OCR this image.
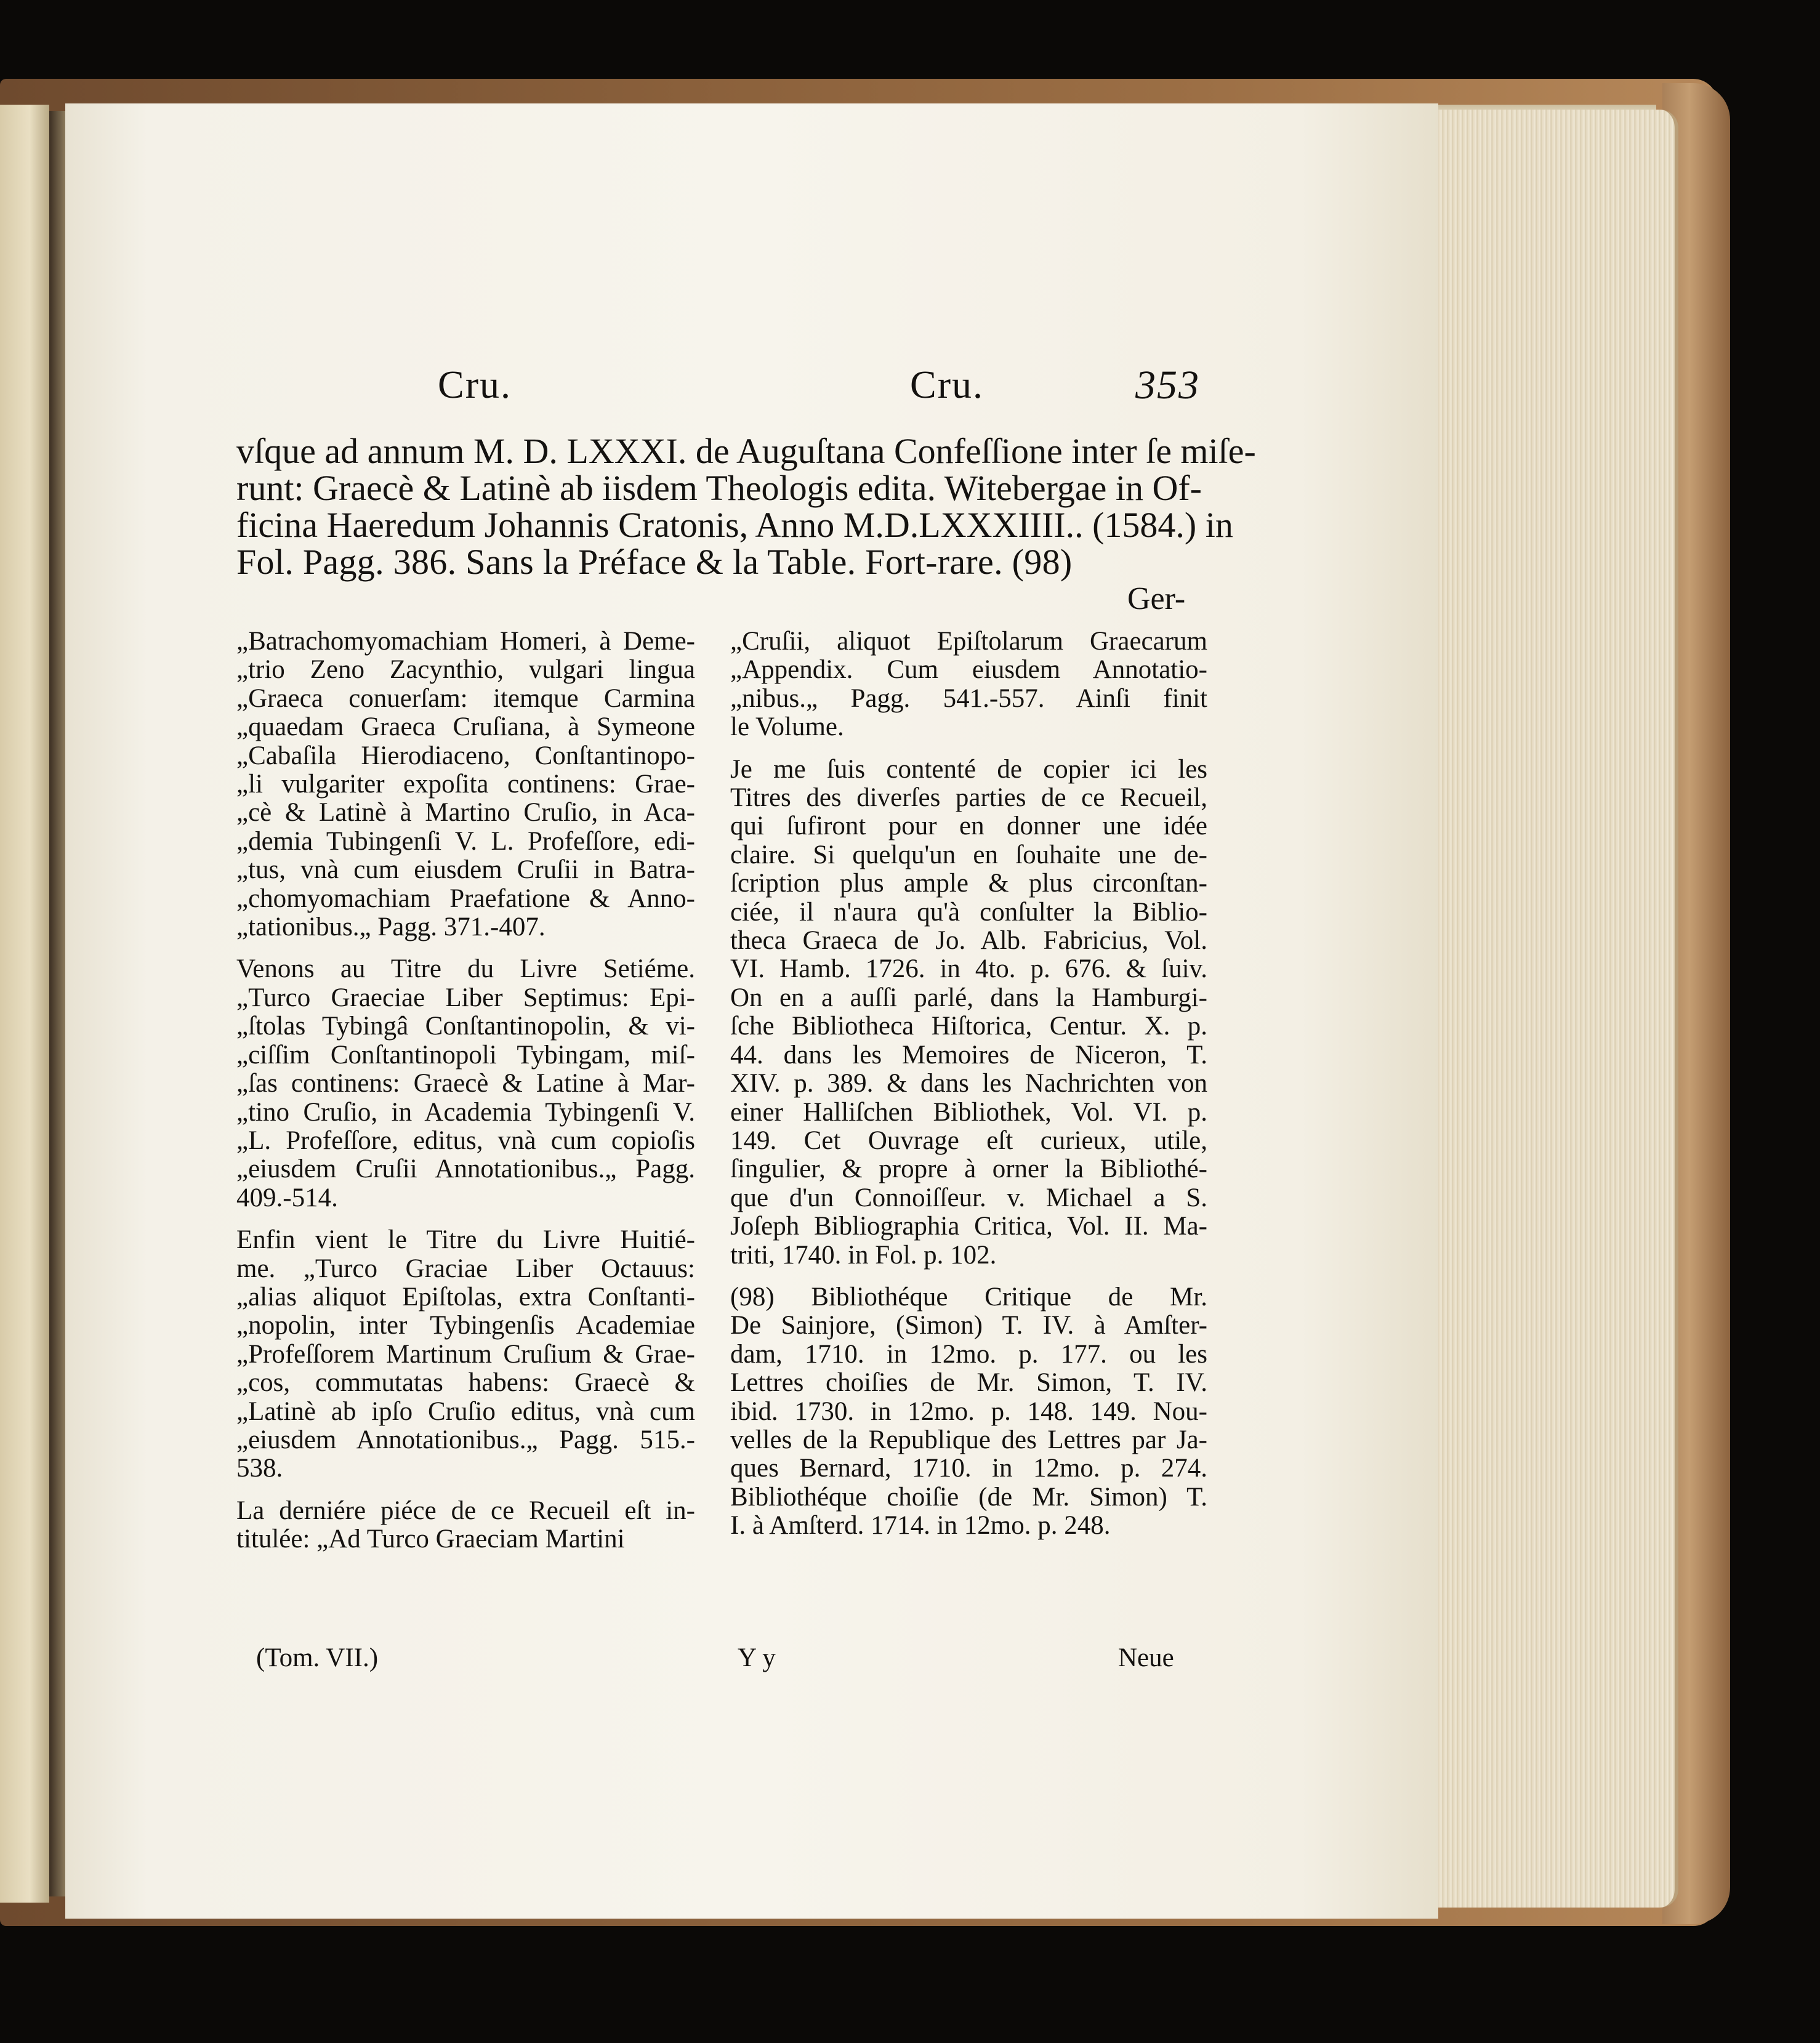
Cru.	Cru.	353
vſque ad annum M. D. LXXXI. de Auguſtana Confeſſione inter ſe miſe-
runt: Graecè & Latinè ab iisdem Theologis edita. Witebergae in Of-
ficina Haeredum Johannis Cratonis, Anno M.D.LXXXIIII.. (1584.) in
Fol. Pagg. 386. Sans la Préface & la Table. Fort-rare. (98)
Ger-
„Batrachomyomachiam Homeri, à Deme-
„trio Zeno Zacynthio, vulgari lingua
„Graeca conuerſam: itemque Carmina
„quaedam Graeca Cruſiana, à Symeone
„Cabaſila Hierodiaceno, Conſtantinopo-
„li vulgariter expoſita continens: Grae-
„cè & Latinè à Martino Cruſio, in Aca-
„demia Tubingenſi V. L. Profeſſore, edi-
„tus, vnà cum eiusdem Cruſii in Batra-
„chomyomachiam Praefatione & Anno-
„tationibus.„ Pagg. 371.-407.
Venons au Titre du Livre Setiéme.
„Turco Graeciae Liber Septimus: Epi-
„ſtolas Tybingâ Conſtantinopolin, & vi-
„ciſſim Conſtantinopoli Tybingam, miſ-
„ſas continens: Graecè & Latine à Mar-
„tino Cruſio, in Academia Tybingenſi V.
„L. Profeſſore, editus, vnà cum copioſis
„eiusdem Cruſii Annotationibus.„ Pagg.
409.-514.
Enfin vient le Titre du Livre Huitié-
me. „Turco Graciae Liber Octauus:
„alias aliquot Epiſtolas, extra Conſtanti-
„nopolin, inter Tybingenſis Academiae
„Profeſſorem Martinum Cruſium & Grae-
„cos, commutatas habens: Graecè &
„Latinè ab ipſo Cruſio editus, vnà cum
„eiusdem Annotationibus.„ Pagg. 515.-
538.
La derniére piéce de ce Recueil eſt in-
titulée: „Ad Turco Graeciam Martini
„Cruſii, aliquot Epiſtolarum Graecarum
„Appendix. Cum eiusdem Annotatio-
„nibus.„ Pagg. 541.-557. Ainſi finit
le Volume.
Je me ſuis contenté de copier ici les
Titres des diverſes parties de ce Recueil,
qui ſufiront pour en donner une idée
claire. Si quelqu'un en ſouhaite une de-
ſcription plus ample & plus circonſtan-
ciée, il n'aura qu'à conſulter la Biblio-
theca Graeca de Jo. Alb. Fabricius, Vol.
VI. Hamb. 1726. in 4to. p. 676. & ſuiv.
On en a auſſi parlé, dans la Hamburgi-
ſche Bibliotheca Hiſtorica, Centur. X. p.
44. dans les Memoires de Niceron, T.
XIV. p. 389. & dans les Nachrichten von
einer Halliſchen Bibliothek, Vol. VI. p.
149. Cet Ouvrage eſt curieux, utile,
ſingulier, & propre à orner la Bibliothé-
que d'un Connoiſſeur. v. Michael a S.
Joſeph Bibliographia Critica, Vol. II. Ma-
triti, 1740. in Fol. p. 102.
(98) Bibliothéque Critique de Mr.
De Sainjore, (Simon) T. IV. à Amſter-
dam, 1710. in 12mo. p. 177. ou les
Lettres choiſies de Mr. Simon, T. IV.
ibid. 1730. in 12mo. p. 148. 149. Nou-
velles de la Republique des Lettres par Ja-
ques Bernard, 1710. in 12mo. p. 274.
Bibliothéque choiſie (de Mr. Simon) T.
I. à Amſterd. 1714. in 12mo. p. 248.
(Tom. VII.)	Y y	Neue
